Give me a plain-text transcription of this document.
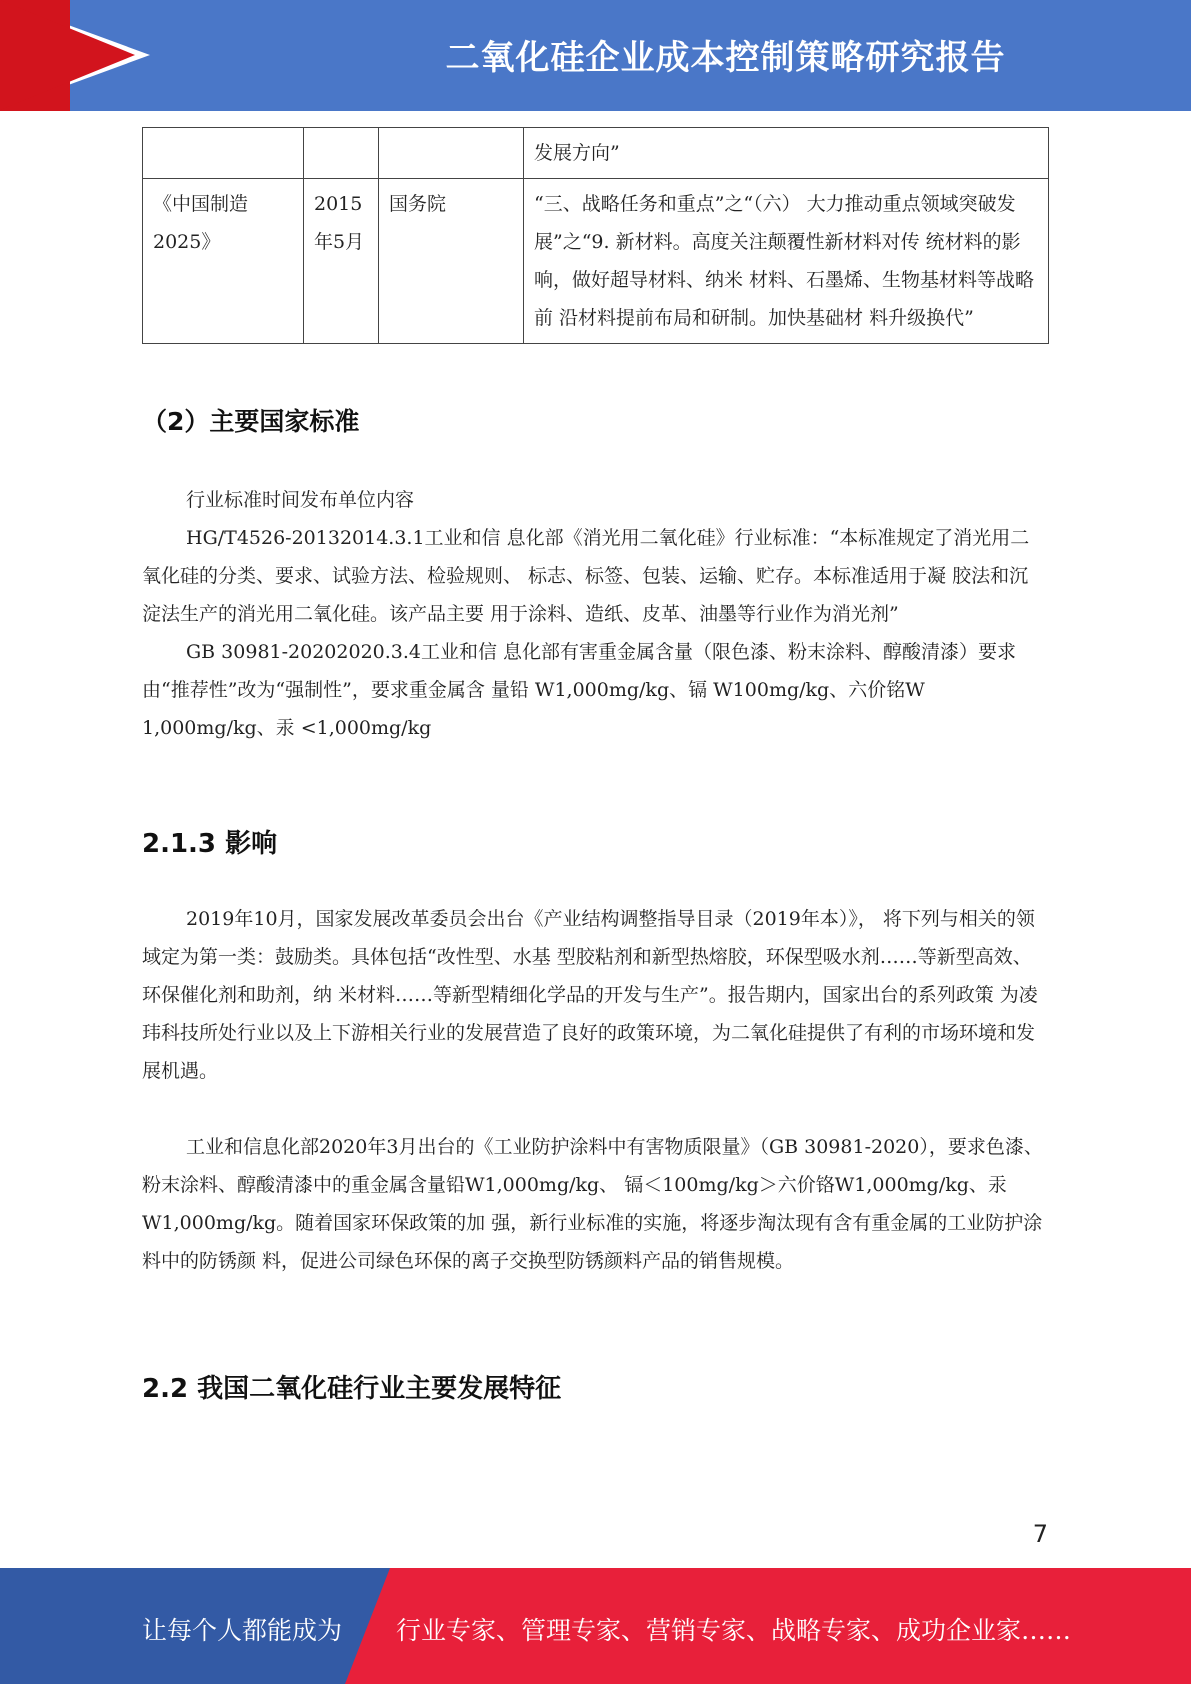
二氧化硅企业成本控制策略研究报告
			发展方向”
《中国制造2025》	2015年5月	国务院	“三、战略任务和重点”之“（六） 大力推动重点领域突破发展”之“9. 新材料。高度关注颠覆性新材料对传 统材料的影响，做好超导材料、纳米 材料、石墨烯、生物基材料等战略前 沿材料提前布局和研制。加快基础材 料升级换代”
（2）主要国家标准

行业标准时间发布单位内容

HG/T4526-20132014.3.1工业和信 息化部《消光用二氧化硅》行业标准：“本标准规定了消光用二氧化硅的分类、要求、试验方法、检验规则、 标志、标签、包装、运输、贮存。本标准适用于凝 胶法和沉淀法生产的消光用二氧化硅。该产品主要 用于涂料、造纸、皮革、油墨等行业作为消光剂”

GB 30981-20202020.3.4工业和信 息化部有害重金属含量（限色漆、粉末涂料、醇酸清漆）要求由“推荐性”改为“强制性”，要求重金属含 量铅 W1,000mg/kg、镉 W100mg/kg、六价铭W 1,000mg/kg、汞 <1,000mg/kg

2.1.3 影响

2019年10月，国家发展改革委员会出台《产业结构调整指导目录（2019年本）》， 将下列与相关的领域定为第一类：鼓励类。具体包括“改性型、水基 型胶粘剂和新型热熔胶，环保型吸水剂……等新型高效、环保催化剂和助剂，纳 米材料……等新型精细化学品的开发与生产”。报告期内，国家出台的系列政策 为凌玮科技所处行业以及上下游相关行业的发展营造了良好的政策环境，为二氧化硅提供了有利的市场环境和发展机遇。

工业和信息化部2020年3月出台的《工业防护涂料中有害物质限量》（GB 30981-2020），要求色漆、粉末涂料、醇酸清漆中的重金属含量铅W1,000mg/kg、 镉＜100mg/kg＞六价铬W1,000mg/kg、汞W1,000mg/kg。随着国家环保政策的加 强，新行业标准的实施，将逐步淘汰现有含有重金属的工业防护涂料中的防锈颜 料，促进公司绿色环保的离子交换型防锈颜料产品的销售规模。

2.2 我国二氧化硅行业主要发展特征
7
让每个人都能成为 行业专家、管理专家、营销专家、战略专家、成功企业家……
